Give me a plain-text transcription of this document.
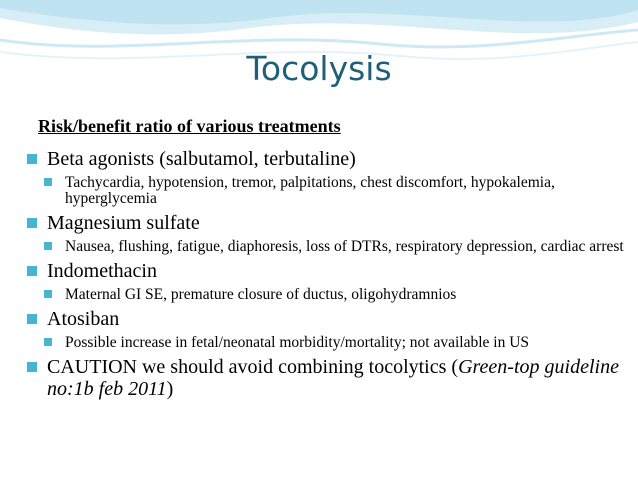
Tocolysis
Risk/benefit ratio of various treatments
Beta agonists (salbutamol, terbutaline)
Tachycardia, hypotension, tremor, palpitations, chest discomfort, hypokalemia, hyperglycemia
Magnesium sulfate
Nausea, flushing, fatigue, diaphoresis, loss of DTRs, respiratory depression, cardiac arrest
Indomethacin
Maternal GI SE, premature closure of ductus, oligohydramnios
Atosiban
Possible increase in fetal/neonatal morbidity/mortality; not available in US
CAUTION we should avoid combining tocolytics (Green-top guideline no:1b feb 2011)
